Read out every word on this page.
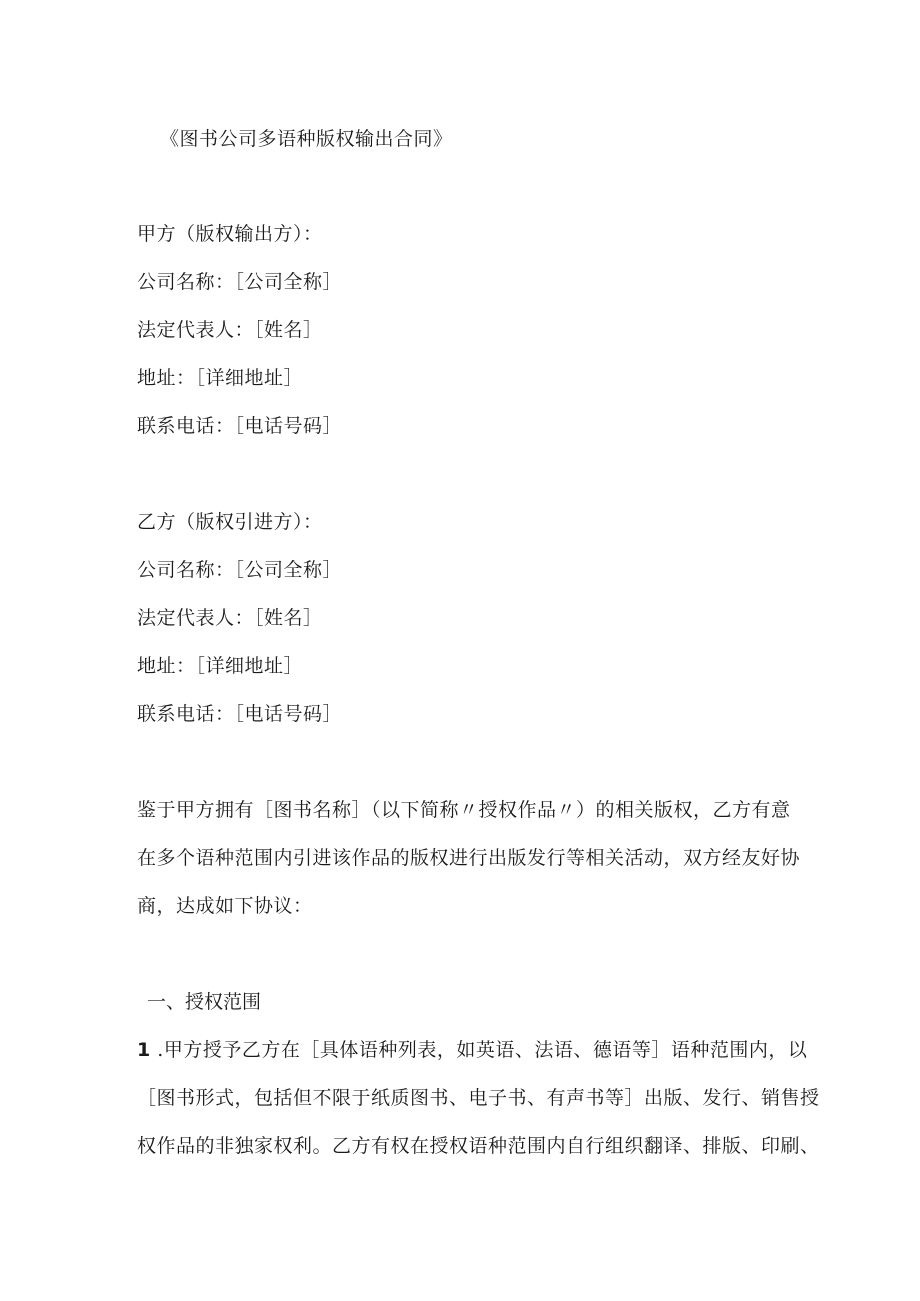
《图书公司多语种版权输出合同》
甲方（版权输出方）：
公司名称：［公司全称］
法定代表人：［姓名］
地址：［详细地址］
联系电话：［电话号码］
乙方（版权引进方）：
公司名称：［公司全称］
法定代表人：［姓名］
地址：［详细地址］
联系电话：［电话号码］
鉴于甲方拥有［图书名称］（以下简称〃授权作品〃）的相关版权，乙方有意
在多个语种范围内引进该作品的版权进行出版发行等相关活动，双方经友好协
商，达成如下协议：
一、授权范围
1 .甲方授予乙方在［具体语种列表，如英语、法语、德语等］语种范围内，以
［图书形式，包括但不限于纸质图书、电子书、有声书等］出版、发行、销售授
权作品的非独家权利。乙方有权在授权语种范围内自行组织翻译、排版、印刷、
